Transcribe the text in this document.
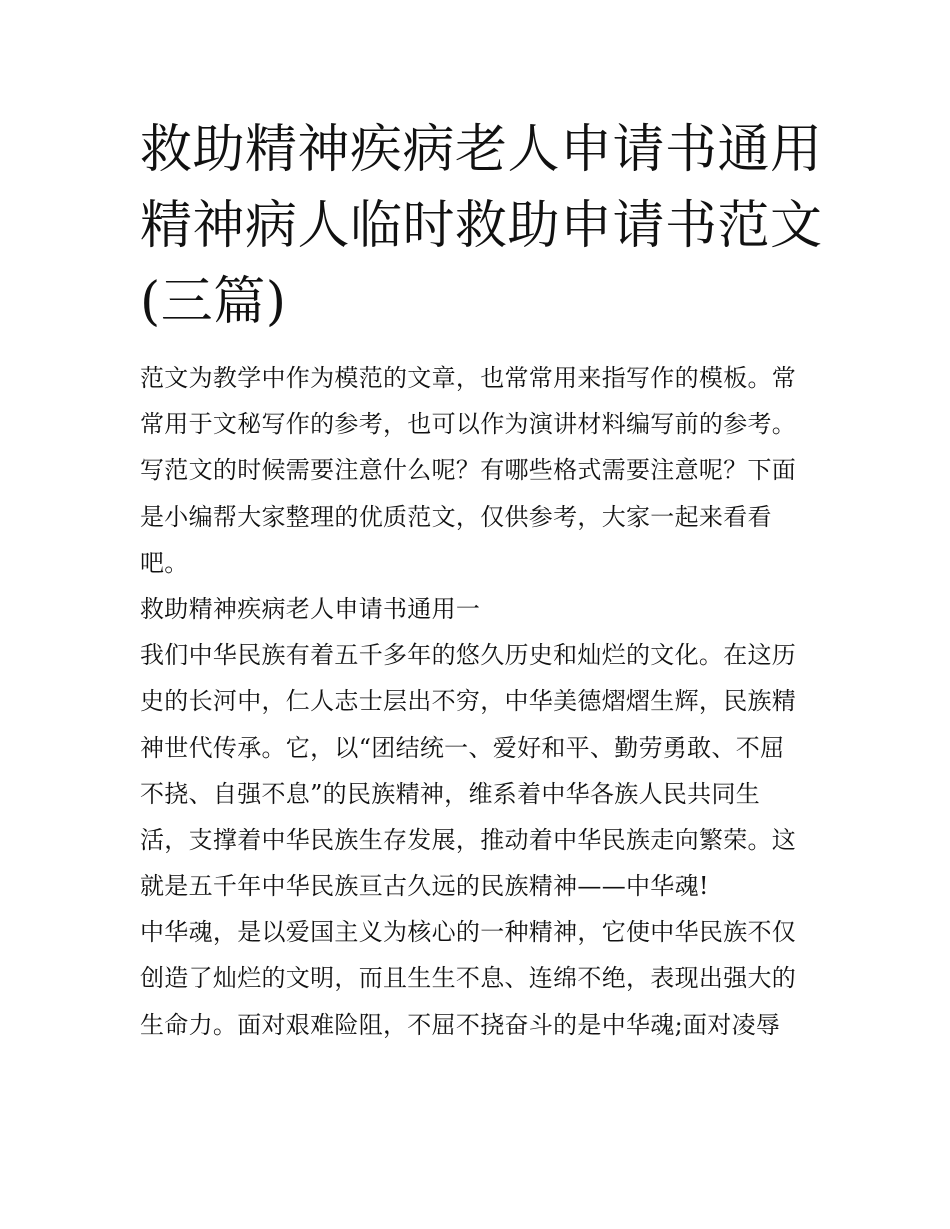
救助精神疾病老人申请书通用
精神病人临时救助申请书范文
(三篇)
范文为教学中作为模范的文章，也常常用来指写作的模板。常
常用于文秘写作的参考，也可以作为演讲材料编写前的参考。
写范文的时候需要注意什么呢？有哪些格式需要注意呢？下面
是小编帮大家整理的优质范文，仅供参考，大家一起来看看
吧。
救助精神疾病老人申请书通用一
我们中华民族有着五千多年的悠久历史和灿烂的文化。在这历
史的长河中，仁人志士层出不穷，中华美德熠熠生辉，民族精
神世代传承。它，以“团结统一、爱好和平、勤劳勇敢、不屈
不挠、自强不息”的民族精神，维系着中华各族人民共同生
活，支撑着中华民族生存发展，推动着中华民族走向繁荣。这
就是五千年中华民族亘古久远的民族精神——中华魂!
中华魂，是以爱国主义为核心的一种精神，它使中华民族不仅
创造了灿烂的文明，而且生生不息、连绵不绝，表现出强大的
生命力。面对艰难险阻，不屈不挠奋斗的是中华魂;面对凌辱
